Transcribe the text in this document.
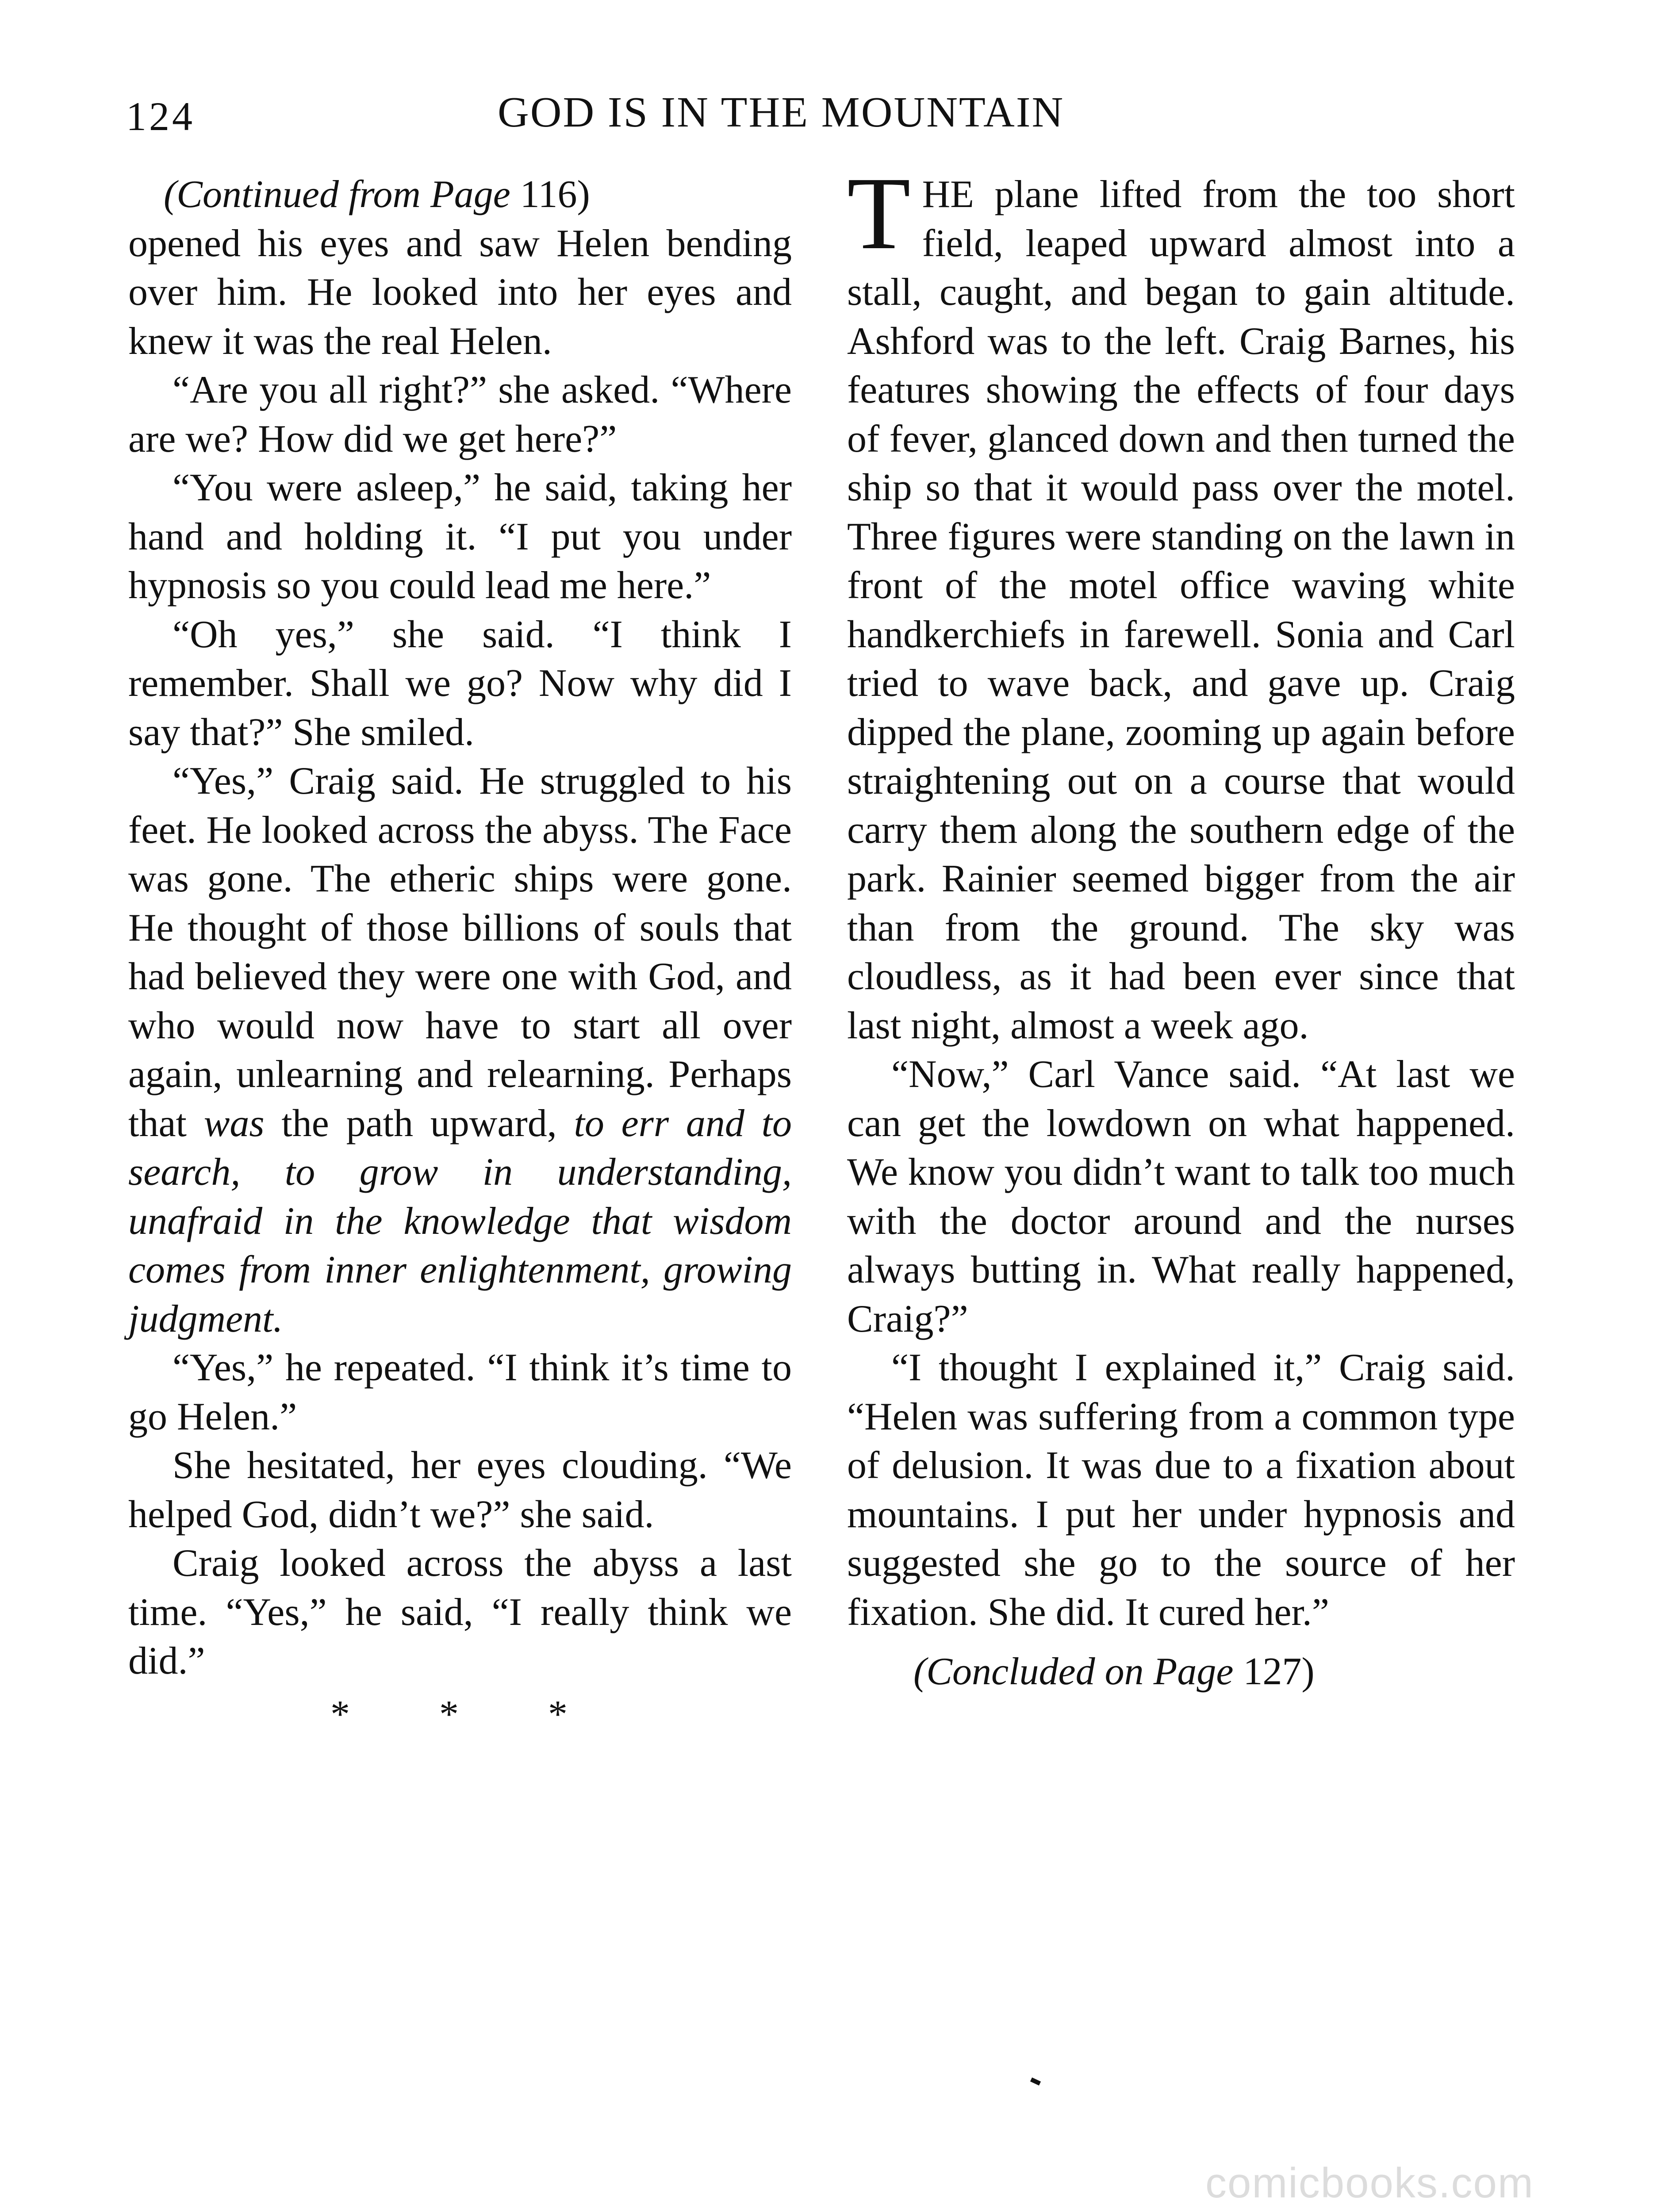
124	GOD IS IN THE MOUNTAIN
(Continued from Page 116)

opened his eyes and saw Helen bending over him. He looked into her eyes and knew it was the real Helen.

“Are you all right?” she asked. “Where are we? How did we get here?”

“You were asleep,” he said, taking her hand and holding it. “I put you under hypnosis so you could lead me here.”

“Oh yes,” she said. “I think I remember. Shall we go? Now why did I say that?” She smiled.

“Yes,” Craig said. He struggled to his feet. He looked across the abyss. The Face was gone. The etheric ships were gone. He thought of those billions of souls that had believed they were one with God, and who would now have to start all over again, unlearning and relearning. Perhaps that was the path upward, to err and to search, to grow in understanding, unafraid in the knowledge that wisdom comes from inner enlightenment, growing judgment.

“Yes,” he repeated. “I think it’s time to go Helen.”

She hesitated, her eyes clouding. “We helped God, didn’t we?” she said.

Craig looked across the abyss a last time. “Yes,” he said, “I really think we did.”

* * *

T HE plane lifted from the too short field, leaped upward almost into a stall, caught, and began to gain altitude. Ashford was to the left. Craig Barnes, his features showing the effects of four days of fever, glanced down and then turned the ship so that it would pass over the motel. Three figures were standing on the lawn in front of the motel office waving white handkerchiefs in farewell. Sonia and Carl tried to wave back, and gave up. Craig dipped the plane, zooming up again before straightening out on a course that would carry them along the southern edge of the park. Rainier seemed bigger from the air than from the ground. The sky was cloudless, as it had been ever since that last night, almost a week ago.

“Now,” Carl Vance said. “At last we can get the lowdown on what happened. We know you didn’t want to talk too much with the doctor around and the nurses always butting in. What really happened, Craig?”

“I thought I explained it,” Craig said. “Helen was suffering from a common type of delusion. It was due to a fixation about mountains. I put her under hypnosis and suggested she go to the source of her fixation. She did. It cured her.”

(Concluded on Page 127)
comicbooks.com
